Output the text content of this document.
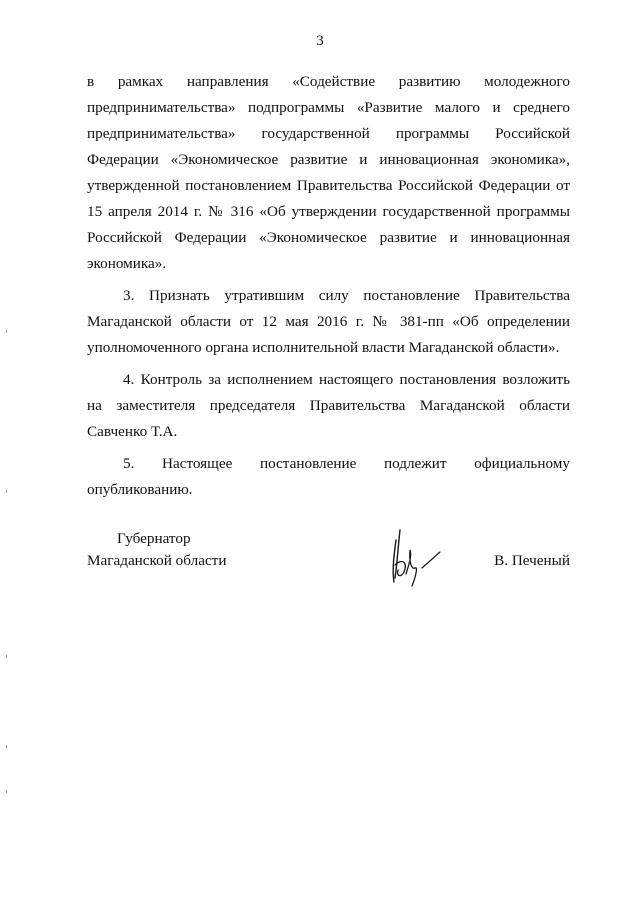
3

в рамках направления «Содействие развитию молодежного предпринимательства» подпрограммы «Развитие малого и среднего предпринимательства» государственной программы Российской Федерации «Экономическое развитие и инновационная экономика», утвержденной постановлением Правительства Российской Федерации от 15 апреля 2014 г. № 316 «Об утверждении государственной программы Российской Федерации «Экономическое развитие и инновационная экономика».

3. Признать утратившим силу постановление Правительства Магаданской области от 12 мая 2016 г. № 381-пп «Об определении уполномоченного органа исполнительной власти Магаданской области».

4. Контроль за исполнением настоящего постановления возложить на заместителя председателя Правительства Магаданской области Савченко Т.А.

5. Настоящее постановление подлежит официальному опубликованию.

Губернатор
Магаданской области	В. Печеный
